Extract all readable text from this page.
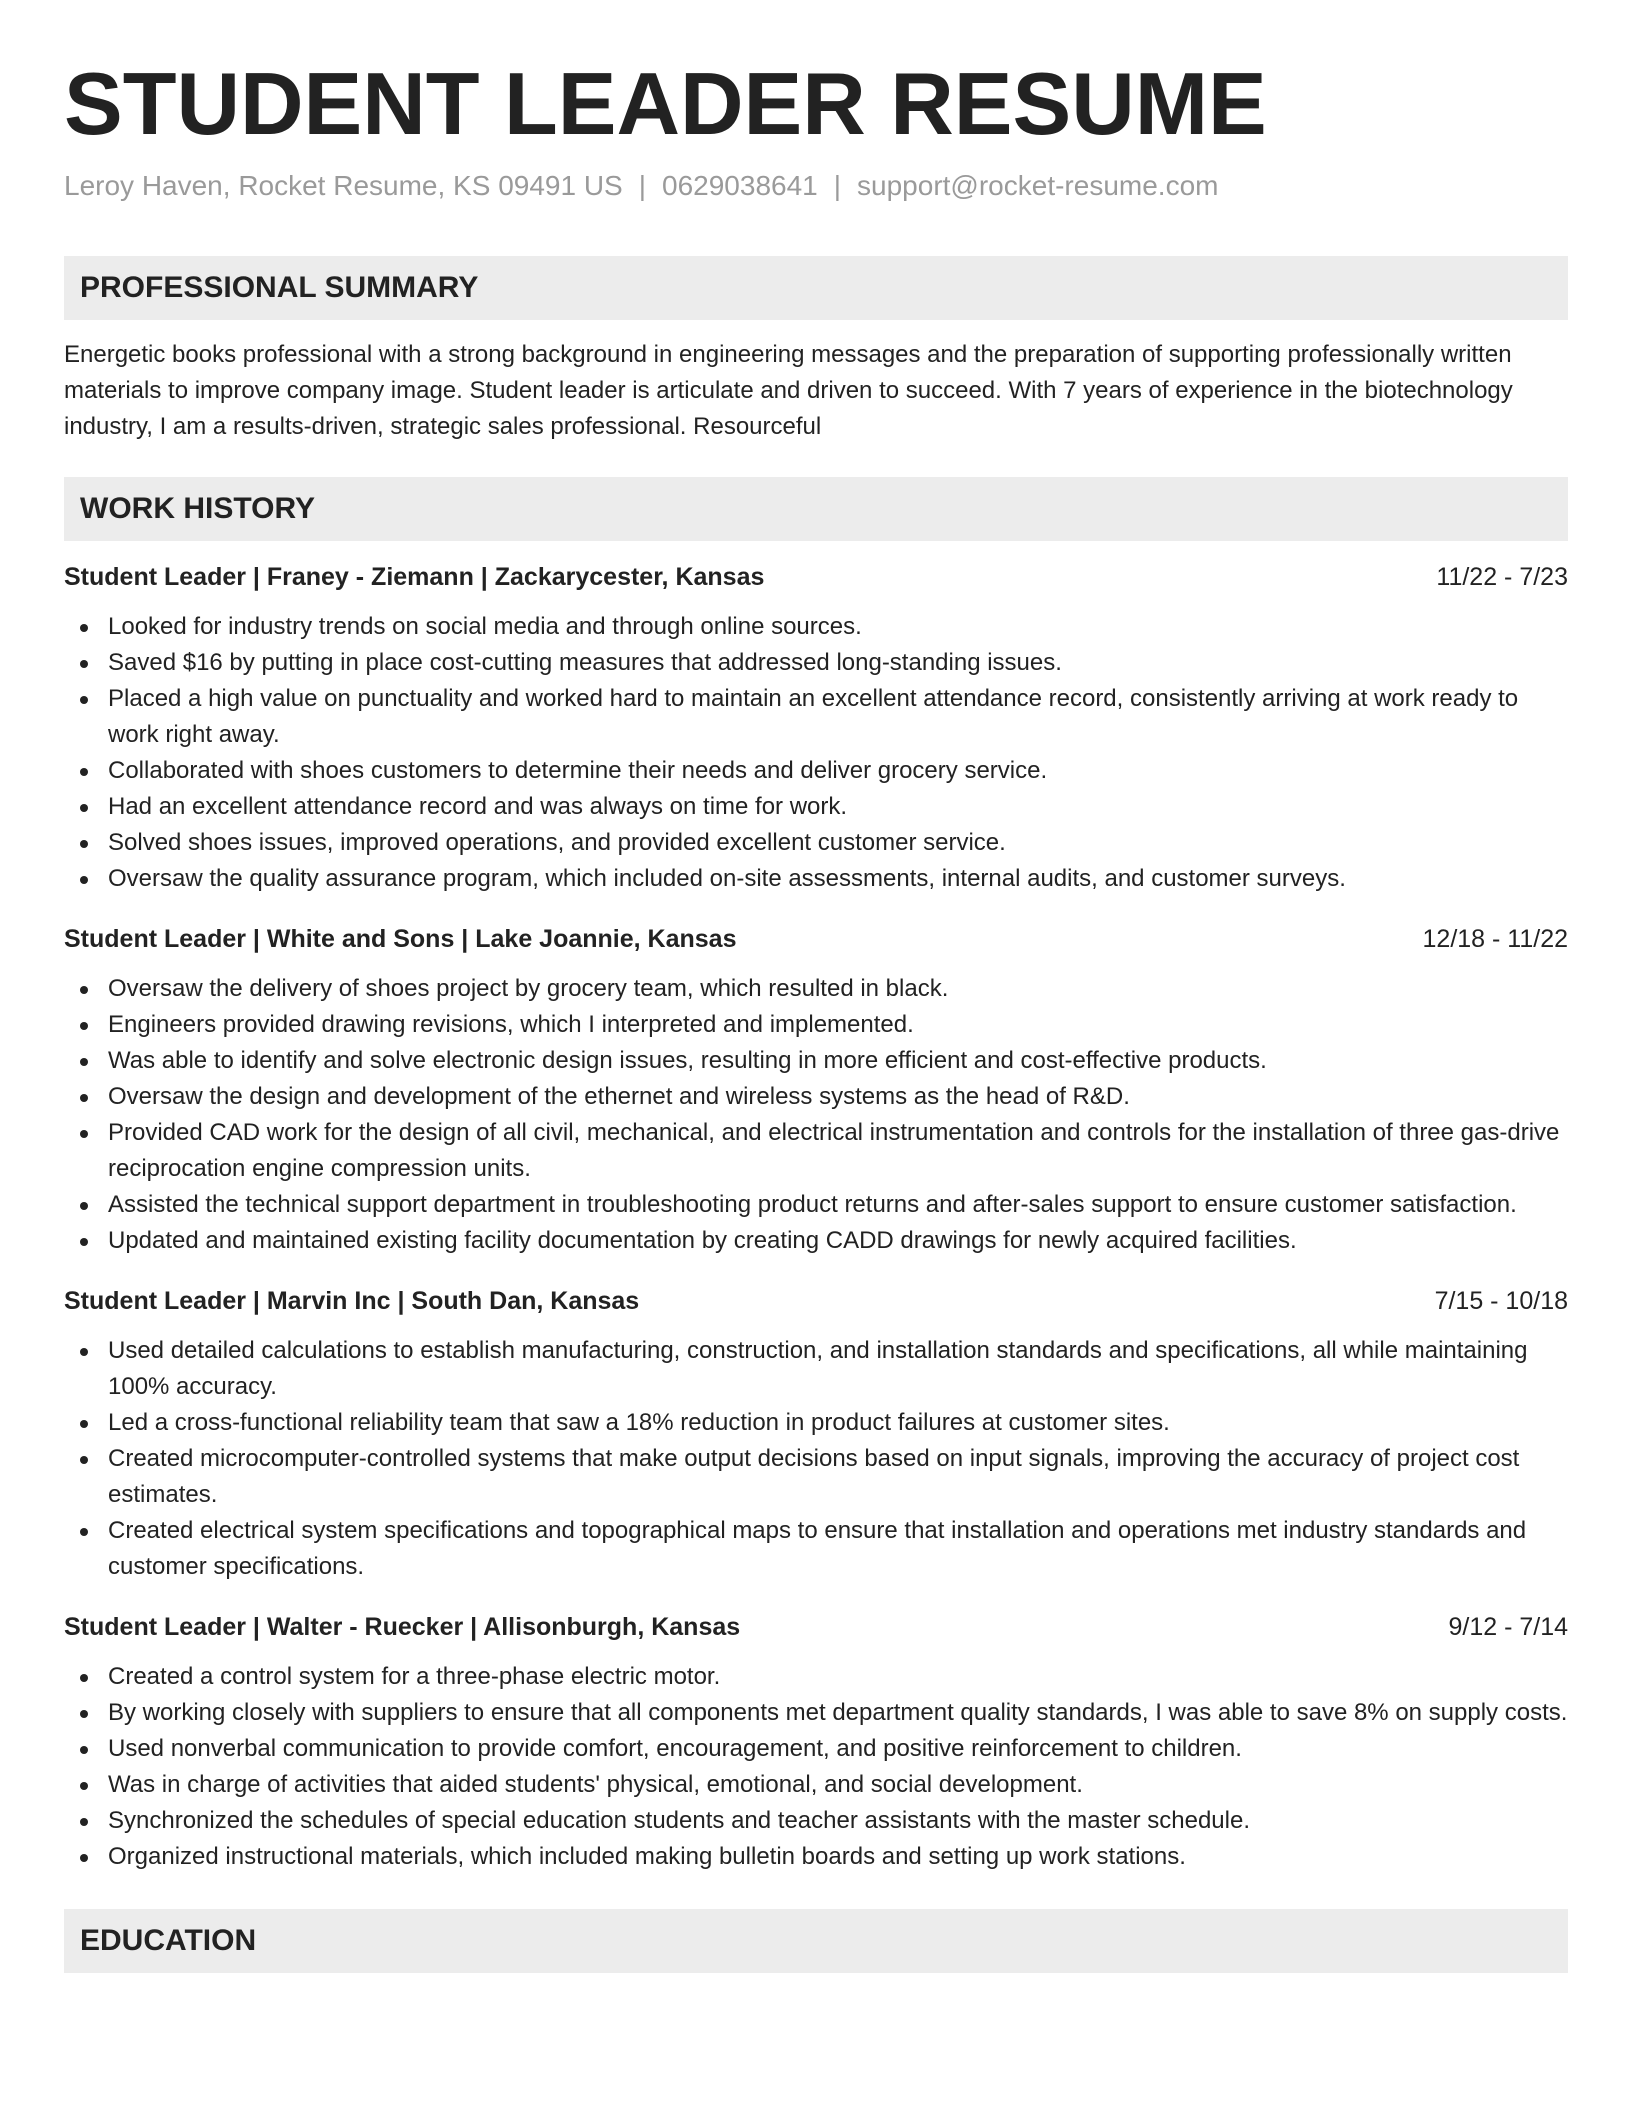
STUDENT LEADER RESUME
Leroy Haven, Rocket Resume, KS 09491 US | 0629038641 | support@rocket-resume.com
PROFESSIONAL SUMMARY
Energetic books professional with a strong background in engineering messages and the preparation of supporting professionally written materials to improve company image. Student leader is articulate and driven to succeed. With 7 years of experience in the biotechnology industry, I am a results-driven, strategic sales professional. Resourceful
WORK HISTORY
Student Leader | Franey - Ziemann | Zackarycester, Kansas	11/22 - 7/23
Looked for industry trends on social media and through online sources.
Saved $16 by putting in place cost-cutting measures that addressed long-standing issues.
Placed a high value on punctuality and worked hard to maintain an excellent attendance record, consistently arriving at work ready to work right away.
Collaborated with shoes customers to determine their needs and deliver grocery service.
Had an excellent attendance record and was always on time for work.
Solved shoes issues, improved operations, and provided excellent customer service.
Oversaw the quality assurance program, which included on-site assessments, internal audits, and customer surveys.
Student Leader | White and Sons | Lake Joannie, Kansas	12/18 - 11/22
Oversaw the delivery of shoes project by grocery team, which resulted in black.
Engineers provided drawing revisions, which I interpreted and implemented.
Was able to identify and solve electronic design issues, resulting in more efficient and cost-effective products.
Oversaw the design and development of the ethernet and wireless systems as the head of R&D.
Provided CAD work for the design of all civil, mechanical, and electrical instrumentation and controls for the installation of three gas-drive reciprocation engine compression units.
Assisted the technical support department in troubleshooting product returns and after-sales support to ensure customer satisfaction.
Updated and maintained existing facility documentation by creating CADD drawings for newly acquired facilities.
Student Leader | Marvin Inc | South Dan, Kansas	7/15 - 10/18
Used detailed calculations to establish manufacturing, construction, and installation standards and specifications, all while maintaining 100% accuracy.
Led a cross-functional reliability team that saw a 18% reduction in product failures at customer sites.
Created microcomputer-controlled systems that make output decisions based on input signals, improving the accuracy of project cost estimates.
Created electrical system specifications and topographical maps to ensure that installation and operations met industry standards and customer specifications.
Student Leader | Walter - Ruecker | Allisonburgh, Kansas	9/12 - 7/14
Created a control system for a three-phase electric motor.
By working closely with suppliers to ensure that all components met department quality standards, I was able to save 8% on supply costs.
Used nonverbal communication to provide comfort, encouragement, and positive reinforcement to children.
Was in charge of activities that aided students' physical, emotional, and social development.
Synchronized the schedules of special education students and teacher assistants with the master schedule.
Organized instructional materials, which included making bulletin boards and setting up work stations.
EDUCATION
